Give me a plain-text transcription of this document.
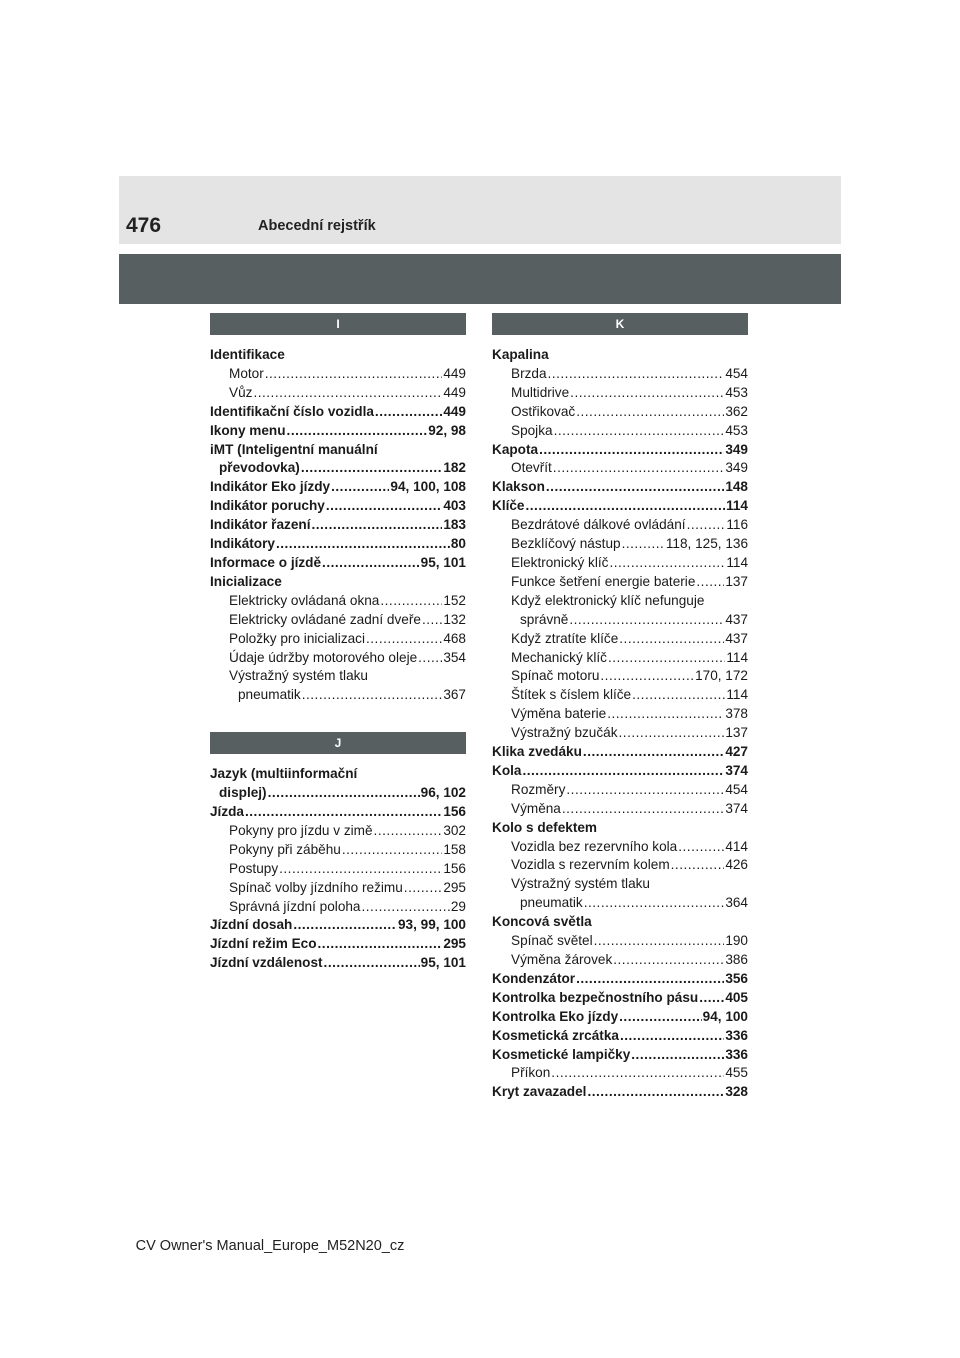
476	Abecední rejstřík
I
Identifikace
Motor .....	449
Vůz .....	449
Identifikační číslo vozidla .....	449
Ikony menu .....	92, 98
iMT (Inteligentní manuální
převodovka) .....	182
Indikátor Eko jízdy .....	94, 100, 108
Indikátor poruchy .....	403
Indikátor řazení .....	183
Indikátory .....	80
Informace o jízdě .....	95, 101
Inicializace
Elektricky ovládaná okna .....	152
Elektricky ovládané zadní dveře ..... 132
Položky pro inicializaci .....	468
Údaje údržby motorového oleje ..... 354
Výstražný systém tlaku
pneumatik .....	367
J
Jazyk (multiinformační
displej) .....	96, 102
Jízda .....	156
Pokyny pro jízdu v zimě .....	302
Pokyny při záběhu .....	158
Postupy .....	156
Spínač volby jízdního režimu .....	295
Správná jízdní poloha .....	29
Jízdní dosah .....	93, 99, 100
Jízdní režim Eco .....	295
Jízdní vzdálenost .....	95, 101
K
Kapalina
Brzda .....	454
Multidrive .....	453
Ostřikovač .....	362
Spojka .....	453
Kapota .....	349
Otevřít .....	349
Klakson .....	148
Klíče .....	114
Bezdrátové dálkové ovládání .....	116
Bezklíčový nástup .....	118, 125, 136
Elektronický klíč .....	114
Funkce šetření energie baterie ..... 137
Když elektronický klíč nefunguje
správně .....	437
Když ztratíte klíče .....	437
Mechanický klíč .....	114
Spínač motoru .....	170, 172
Štítek s číslem klíče .....	114
Výměna baterie .....	378
Výstražný bzučák .....	137
Klika zvedáku .....	427
Kola .....	374
Rozměry .....	454
Výměna .....	374
Kolo s defektem
Vozidla bez rezervního kola .....	414
Vozidla s rezervním kolem .....	426
Výstražný systém tlaku
pneumatik .....	364
Koncová světla
Spínač světel .....	190
Výměna žárovek .....	386
Kondenzátor .....	356
Kontrolka bezpečnostního pásu ..... 405
Kontrolka Eko jízdy .....	94, 100
Kosmetická zrcátka .....	336
Kosmetické lampičky .....	336
Příkon .....	455
Kryt zavazadel .....	328
CV Owner's Manual_Europe_M52N20_cz
